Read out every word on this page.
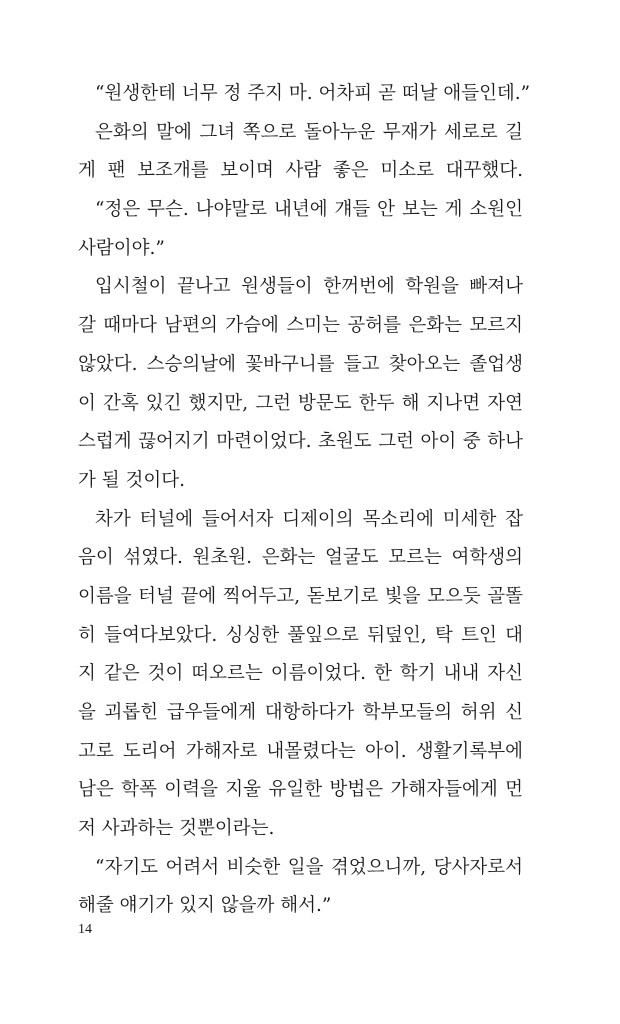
“원생한테 너무 정 주지 마. 어차피 곧 떠날 애들인데.”
은화의 말에 그녀 쪽으로 돌아누운 무재가 세로로 길
게 팬 보조개를 보이며 사람 좋은 미소로 대꾸했다.
“정은 무슨. 나야말로 내년에 걔들 안 보는 게 소원인
사람이야.”
입시철이 끝나고 원생들이 한꺼번에 학원을 빠져나
갈 때마다 남편의 가슴에 스미는 공허를 은화는 모르지
않았다. 스승의날에 꽃바구니를 들고 찾아오는 졸업생
이 간혹 있긴 했지만, 그런 방문도 한두 해 지나면 자연
스럽게 끊어지기 마련이었다. 초원도 그런 아이 중 하나
가 될 것이다.
차가 터널에 들어서자 디제이의 목소리에 미세한 잡
음이 섞였다. 원초원. 은화는 얼굴도 모르는 여학생의
이름을 터널 끝에 찍어두고, 돋보기로 빛을 모으듯 골똘
히 들여다보았다. 싱싱한 풀잎으로 뒤덮인, 탁 트인 대
지 같은 것이 떠오르는 이름이었다. 한 학기 내내 자신
을 괴롭힌 급우들에게 대항하다가 학부모들의 허위 신
고로 도리어 가해자로 내몰렸다는 아이. 생활기록부에
남은 학폭 이력을 지울 유일한 방법은 가해자들에게 먼
저 사과하는 것뿐이라는.
“자기도 어려서 비슷한 일을 겪었으니까, 당사자로서
해줄 얘기가 있지 않을까 해서.”
14
